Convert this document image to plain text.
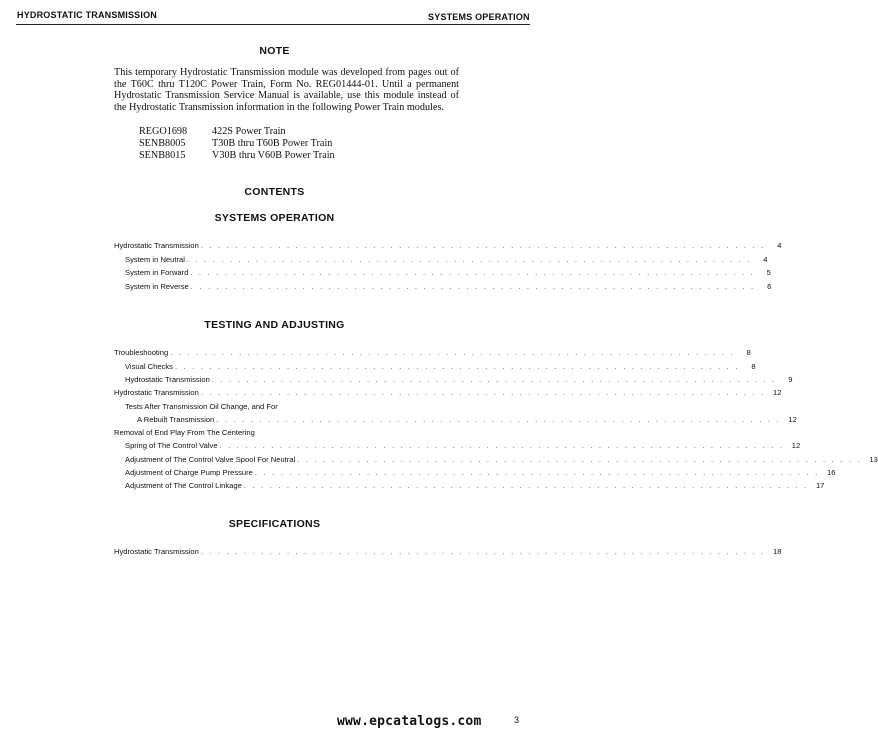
HYDROSTATIC TRANSMISSION	SYSTEMS OPERATION
NOTE
This temporary Hydrostatic Transmission module was developed from pages out of the T60C thru T120C Power Train, Form No. REG01444-01. Until a permanent Hydrostatic Transmission Service Manual is available, use this module instead of the Hydrostatic Transmission information in the following Power Train modules.
REGO1698 422S Power Train
SENB8005	T30B thru T60B Power Train
SENB8015	V30B thru V60B Power Train
CONTENTS
SYSTEMS OPERATION
Hydrostatic Transmission . . . . . . . . . . . . . . . . . . . . . . . . . . . . . . . . . . . . . . . . . . . . . . . . . . . . . . . . . . . . . . . . . .	4
System in Neutral . . . . . . . . . . . . . . . . . . . . . . . . . . . . . . . . . . . . . . . . . . . . . . . . . . . . . . . . . . . . . . . . . .	4
System in Forward . . . . . . . . . . . . . . . . . . . . . . . . . . . . . . . . . . . . . . . . . . . . . . . . . . . . . . . . . . . . . . . . . .	5
System in Reverse . . . . . . . . . . . . . . . . . . . . . . . . . . . . . . . . . . . . . . . . . . . . . . . . . . . . . . . . . . . . . . . . . .	6
TESTING AND ADJUSTING
Troubleshooting . . . . . . . . . . . . . . . . . . . . . . . . . . . . . . . . . . . . . . . . . . . . . . . . . . . . . . . . . . . . . . . . . .	8
Visual Checks . . . . . . . . . . . . . . . . . . . . . . . . . . . . . . . . . . . . . . . . . . . . . . . . . . . . . . . . . . . . . . . . . .	8
Hydrostatic Transmission . . . . . . . . . . . . . . . . . . . . . . . . . . . . . . . . . . . . . . . . . . . . . . . . . . . . . . . . . . . . . . . . . .	9
Hydrostatic Transmission . . . . . . . . . . . . . . . . . . . . . . . . . . . . . . . . . . . . . . . . . . . . . . . . . . . . . . . . . . . . . . . . . . 12
Tests After Transmission Oil Change, and For
A Rebuilt Transmission . . . . . . . . . . . . . . . . . . . . . . . . . . . . . . . . . . . . . . . . . . . . . . . . . . . . . . . . . . . . . . . . . . 12
Removal of End Play From The Centering
Spring of The Control Valve . . . . . . . . . . . . . . . . . . . . . . . . . . . . . . . . . . . . . . . . . . . . . . . . . . . . . . . . . . . . . . . . . . 12
Adjustment of The Control Valve Spool For Neutral . . . . . . . . . . . . . . . . . . . . . . . . . . . . . . . . . . . . . . . . . . . . . . . . . . . . . . . . . . . . . . . . . . 13
Adjustment of Charge Pump Pressure . . . . . . . . . . . . . . . . . . . . . . . . . . . . . . . . . . . . . . . . . . . . . . . . . . . . . . . . . . . . . . . . . . 16
Adjustment of The Control Linkage . . . . . . . . . . . . . . . . . . . . . . . . . . . . . . . . . . . . . . . . . . . . . . . . . . . . . . . . . . . . . . . . . . 17
SPECIFICATIONS
Hydrostatic Transmission . . . . . . . . . . . . . . . . . . . . . . . . . . . . . . . . . . . . . . . . . . . . . . . . . . . . . . . . . . . . . . . . . . 18
www.epcatalogs.com	3
